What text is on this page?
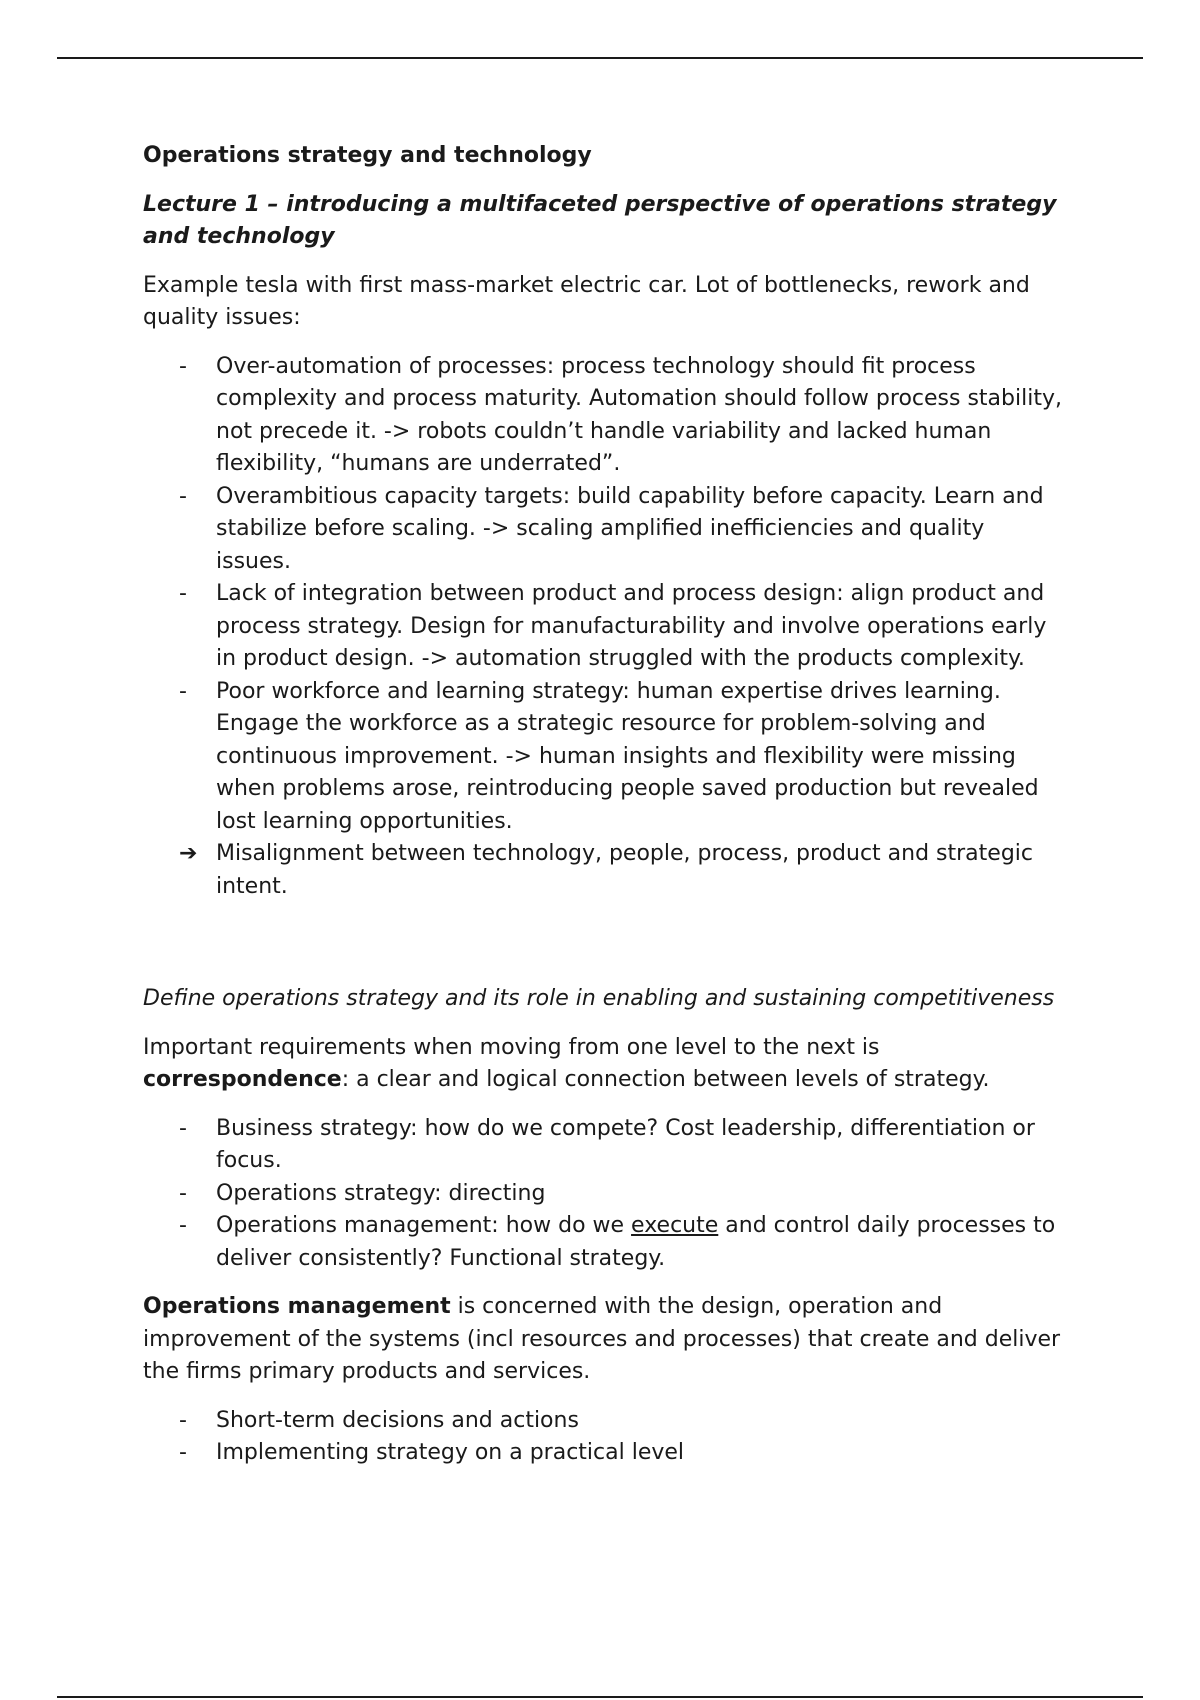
Operations strategy and technology
Lecture 1 – introducing a multifaceted perspective of operations strategy and technology
Example tesla with first mass-market electric car. Lot of bottlenecks, rework and quality issues:
-	Over-automation of processes: process technology should fit process complexity and process maturity. Automation should follow process stability, not precede it. -> robots couldn’t handle variability and lacked human flexibility, “humans are underrated”.
-	Overambitious capacity targets: build capability before capacity. Learn and stabilize before scaling. -> scaling amplified inefficiencies and quality issues.
-	Lack of integration between product and process design: align product and process strategy. Design for manufacturability and involve operations early in product design. -> automation struggled with the products complexity.
-	Poor workforce and learning strategy: human expertise drives learning. Engage the workforce as a strategic resource for problem-solving and continuous improvement. -> human insights and flexibility were missing when problems arose, reintroducing people saved production but revealed lost learning opportunities.
➔ Misalignment between technology, people, process, product and strategic intent.
Define operations strategy and its role in enabling and sustaining competitiveness
Important requirements when moving from one level to the next is correspondence: a clear and logical connection between levels of strategy.
-	Business strategy: how do we compete? Cost leadership, differentiation or focus.
-	Operations strategy: directing
-	Operations management: how do we execute and control daily processes to deliver consistently? Functional strategy.
Operations management is concerned with the design, operation and improvement of the systems (incl resources and processes) that create and deliver the firms primary products and services.
-	Short-term decisions and actions
-	Implementing strategy on a practical level
